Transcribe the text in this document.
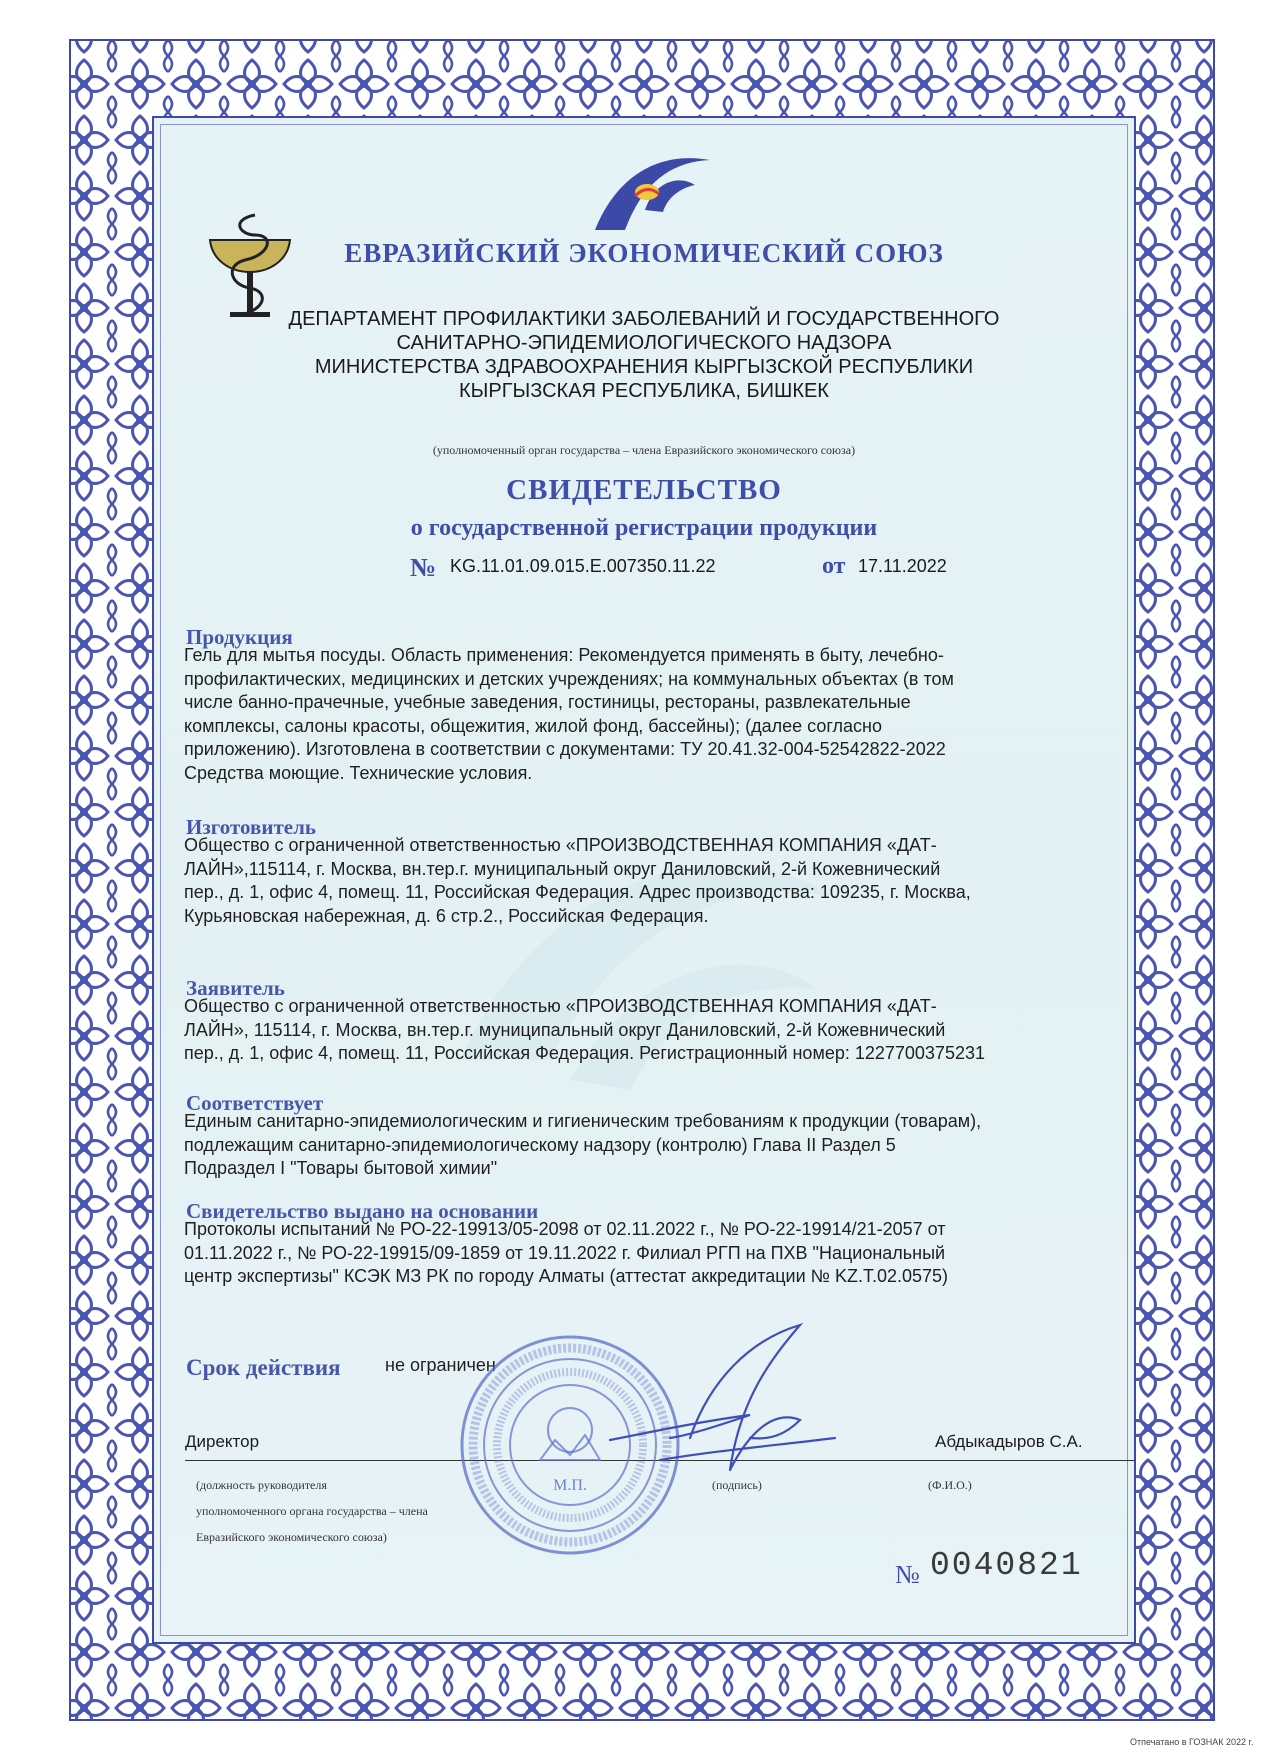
ЕВРАЗИЙСКИЙ ЭКОНОМИЧЕСКИЙ СОЮЗ
ДЕПАРТАМЕНТ ПРОФИЛАКТИКИ ЗАБОЛЕВАНИЙ И ГОСУДАРСТВЕННОГО
САНИТАРНО-ЭПИДЕМИОЛОГИЧЕСКОГО НАДЗОРА
МИНИСТЕРСТВА ЗДРАВООХРАНЕНИЯ КЫРГЫЗСКОЙ РЕСПУБЛИКИ
КЫРГЫЗСКАЯ РЕСПУБЛИКА, БИШКЕК
(уполномоченный орган государства – члена Евразийского экономического союза)
СВИДЕТЕЛЬСТВО
о государственной регистрации продукции
№ KG.11.01.09.015.E.007350.11.22	от 17.11.2022
Продукция
Гель для мытья посуды. Область применения: Рекомендуется применять в быту, лечебно-
профилактических, медицинских и детских учреждениях; на коммунальных объектах (в том
числе банно-прачечные, учебные заведения, гостиницы, рестораны, развлекательные
комплексы, салоны красоты, общежития, жилой фонд, бассейны); (далее согласно
приложению). Изготовлена в соответствии с документами: ТУ 20.41.32-004-52542822-2022
Средства моющие. Технические условия.
Изготовитель
Общество с ограниченной ответственностью «ПРОИЗВОДСТВЕННАЯ КОМПАНИЯ «ДАТ-
ЛАЙН»,115114, г. Москва, вн.тер.г. муниципальный округ Даниловский, 2-й Кожевнический
пер., д. 1, офис 4, помещ. 11, Российская Федерация. Адрес производства: 109235, г. Москва,
Курьяновская набережная, д. 6 стр.2., Российская Федерация.
Заявитель
Общество с ограниченной ответственностью «ПРОИЗВОДСТВЕННАЯ КОМПАНИЯ «ДАТ-
ЛАЙН», 115114, г. Москва, вн.тер.г. муниципальный округ Даниловский, 2-й Кожевнический
пер., д. 1, офис 4, помещ. 11, Российская Федерация. Регистрационный номер: 1227700375231
Соответствует
Единым санитарно-эпидемиологическим и гигиеническим требованиям к продукции (товарам),
подлежащим санитарно-эпидемиологическому надзору (контролю) Глава II Раздел 5
Подраздел I "Товары бытовой химии"
Свидетельство выдано на основании
Протоколы испытаний № РО-22-19913/05-2098 от 02.11.2022 г., № РО-22-19914/21-2057 от
01.11.2022 г., № РО-22-19915/09-1859 от 19.11.2022 г. Филиал РГП на ПХВ "Национальный
центр экспертизы" КСЭК МЗ РК по городу Алматы (аттестат аккредитации № KZ.T.02.0575)
Срок действия не ограничен
Директор	Абдыкадыров С.А.
(должность руководителя
уполномоченного органа государства – члена
Евразийского экономического союза)
(подпись)	(Ф.И.О.)
М.П.
№ 0040821
Отпечатано в ГОЗНАК 2022 г.
